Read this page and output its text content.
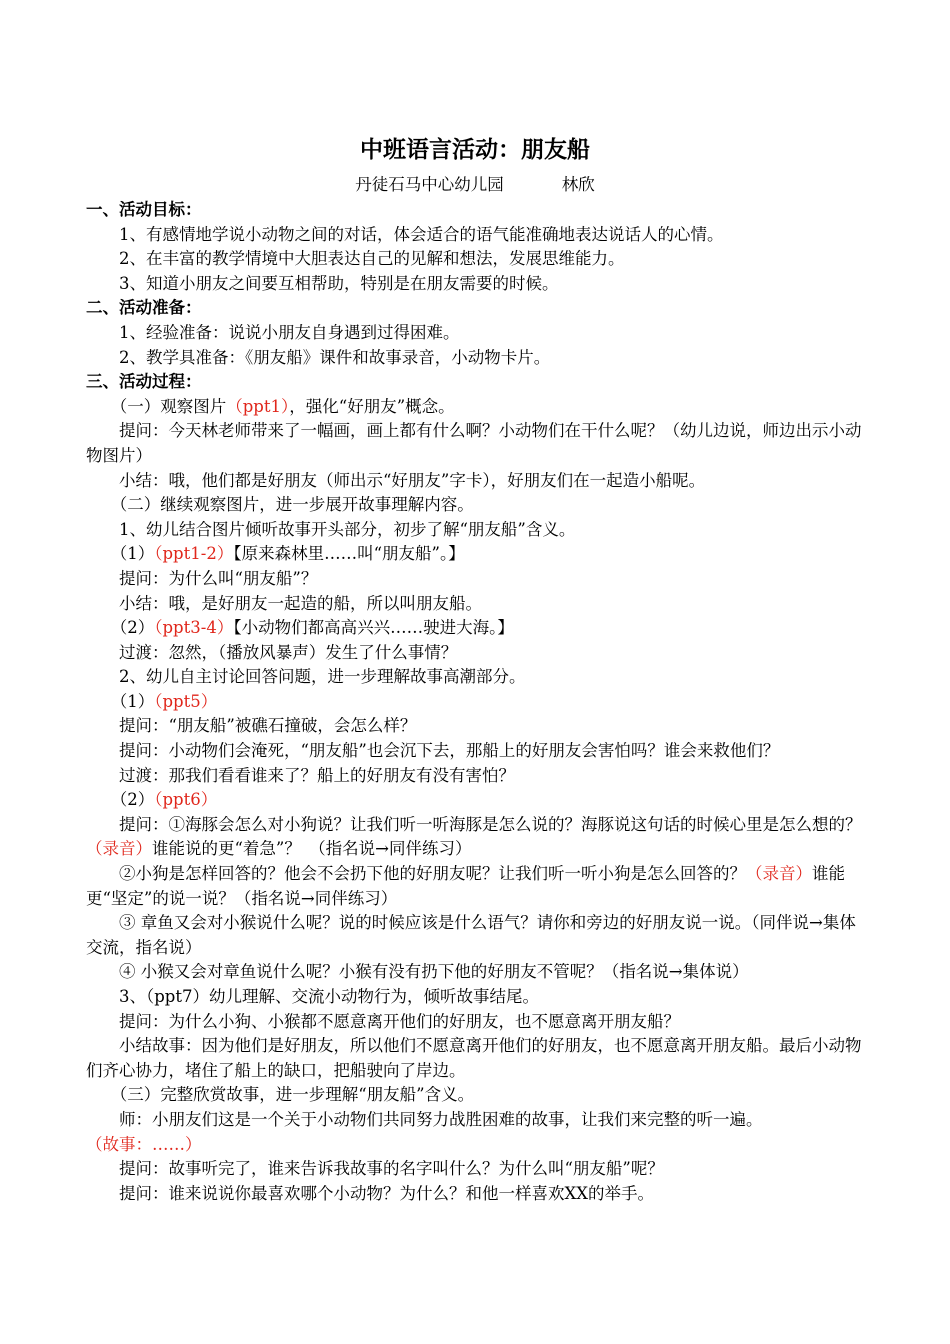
中班语言活动：朋友船
丹徒石马中心幼儿园	林欣
一、活动目标：

1、有感情地学说小动物之间的对话，体会适合的语气能准确地表达说话人的心情。

2、在丰富的教学情境中大胆表达自己的见解和想法，发展思维能力。

3、知道小朋友之间要互相帮助，特别是在朋友需要的时候。

二、活动准备：

1、经验准备：说说小朋友自身遇到过得困难。

2、教学具准备：《朋友船》课件和故事录音，小动物卡片。

三、活动过程：

（一）观察图片（ppt1），强化“好朋友”概念。

提问：今天林老师带来了一幅画，画上都有什么啊？小动物们在干什么呢？（幼儿边说，师边出示小动物图片）

小结：哦，他们都是好朋友（师出示“好朋友”字卡），好朋友们在一起造小船呢。

（二）继续观察图片，进一步展开故事理解内容。

1、幼儿结合图片倾听故事开头部分，初步了解“朋友船”含义。

（1）（ppt1-2）【原来森林里……叫“朋友船”。】

提问：为什么叫“朋友船”？

小结：哦，是好朋友一起造的船，所以叫朋友船。

（2）（ppt3-4）【小动物们都高高兴兴……驶进大海。】

过渡：忽然，（播放风暴声）发生了什么事情？

2、幼儿自主讨论回答问题，进一步理解故事高潮部分。

（1）（ppt5）

提问：“朋友船”被礁石撞破，会怎么样？

提问：小动物们会淹死，“朋友船”也会沉下去，那船上的好朋友会害怕吗？谁会来救他们？

过渡：那我们看看谁来了？船上的好朋友有没有害怕？

（2）（ppt6）

提问：①海豚会怎么对小狗说？让我们听一听海豚是怎么说的？海豚说这句话的时候心里是怎么想的？（录音）谁能说的更“着急”？　（指名说→同伴练习）

②小狗是怎样回答的？他会不会扔下他的好朋友呢？让我们听一听小狗是怎么回答的？（录音）谁能更“坚定”的说一说？（指名说→同伴练习）

③ 章鱼又会对小猴说什么呢？说的时候应该是什么语气？请你和旁边的好朋友说一说。（同伴说→集体交流，指名说）

④ 小猴又会对章鱼说什么呢？小猴有没有扔下他的好朋友不管呢？（指名说→集体说）

3、（ppt7）幼儿理解、交流小动物行为，倾听故事结尾。

提问：为什么小狗、小猴都不愿意离开他们的好朋友，也不愿意离开朋友船？

小结故事：因为他们是好朋友，所以他们不愿意离开他们的好朋友，也不愿意离开朋友船。最后小动物们齐心协力，堵住了船上的缺口，把船驶向了岸边。

（三）完整欣赏故事，进一步理解“朋友船”含义。

师：小朋友们这是一个关于小动物们共同努力战胜困难的故事，让我们来完整的听一遍。（故事：……）

提问：故事听完了，谁来告诉我故事的名字叫什么？为什么叫“朋友船”呢？

提问：谁来说说你最喜欢哪个小动物？为什么？和他一样喜欢XX的举手。
